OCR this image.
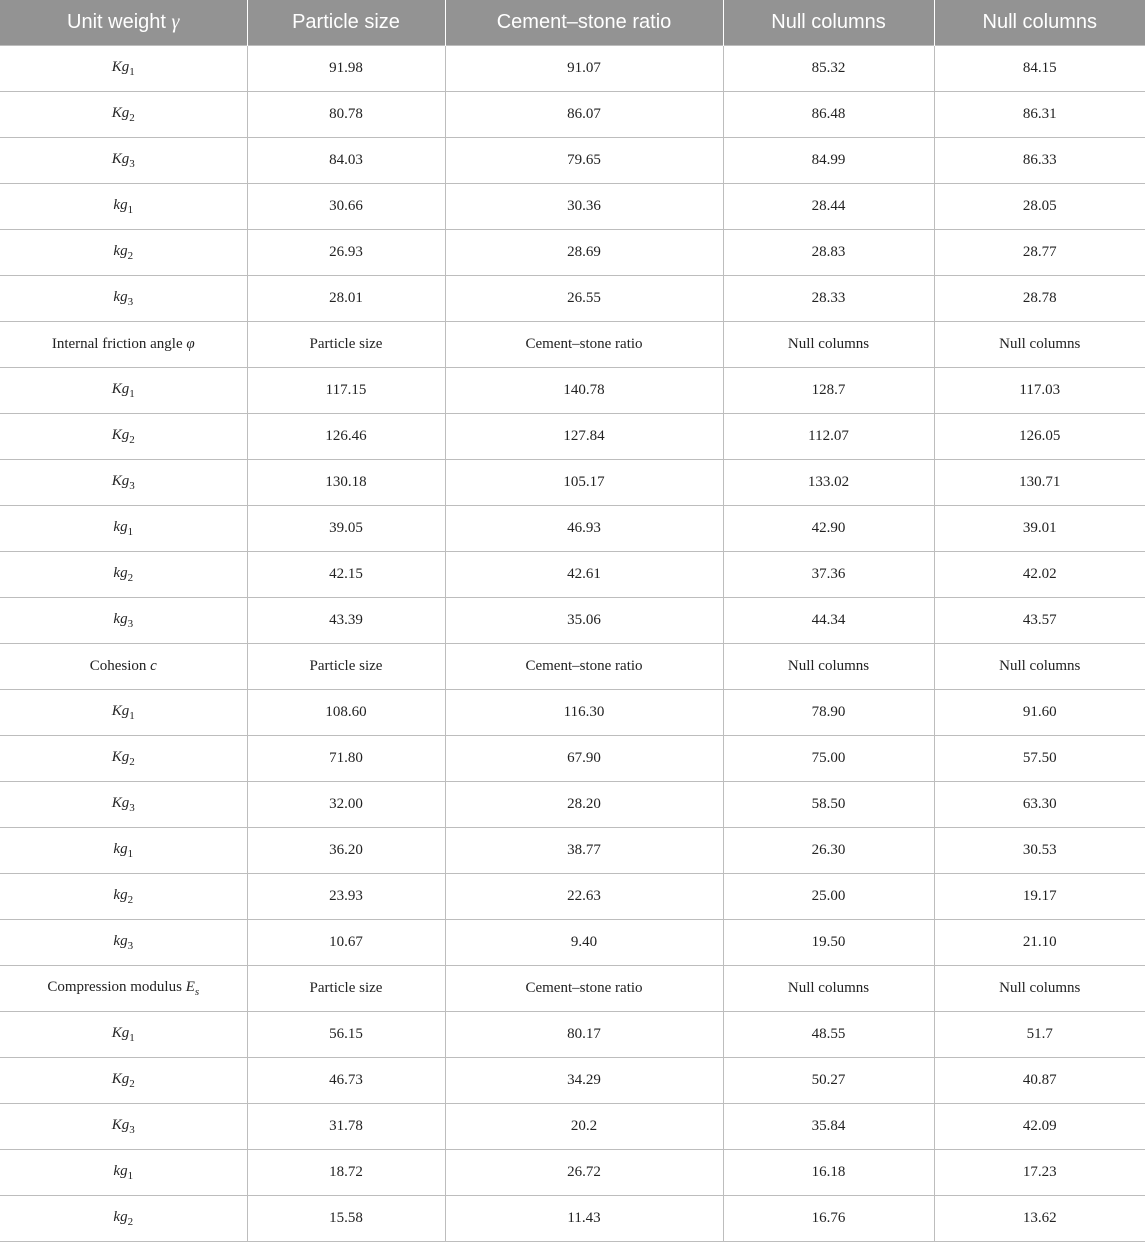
Unit weight γ	Particle size	Cement–stone ratio	Null columns	Null columns
$Kg_1$	91.98	91.07	85.32	84.15
$Kg_2$	80.78	86.07	86.48	86.31
$Kg_3$	84.03	79.65	84.99	86.33
$kg_1$	30.66	30.36	28.44	28.05
$kg_2$	26.93	28.69	28.83	28.77
$kg_3$	28.01	26.55	28.33	28.78
Internal friction angle φ	Particle size	Cement–stone ratio	Null columns	Null columns
$Kg_1$	117.15	140.78	128.7	117.03
$Kg_2$	126.46	127.84	112.07	126.05
$Kg_3$	130.18	105.17	133.02	130.71
$kg_1$	39.05	46.93	42.90	39.01
$kg_2$	42.15	42.61	37.36	42.02
$kg_3$	43.39	35.06	44.34	43.57
Cohesion c	Particle size	Cement–stone ratio	Null columns	Null columns
$Kg_1$	108.60	116.30	78.90	91.60
$Kg_2$	71.80	67.90	75.00	57.50
$Kg_3$	32.00	28.20	58.50	63.30
$kg_1$	36.20	38.77	26.30	30.53
$kg_2$	23.93	22.63	25.00	19.17
$kg_3$	10.67	9.40	19.50	21.10
Compression modulus $E_s$	Particle size	Cement–stone ratio	Null columns	Null columns
$Kg_1$	56.15	80.17	48.55	51.7
$Kg_2$	46.73	34.29	50.27	40.87
$Kg_3$	31.78	20.2	35.84	42.09
$kg_1$	18.72	26.72	16.18	17.23
$kg_2$	15.58	11.43	16.76	13.62
